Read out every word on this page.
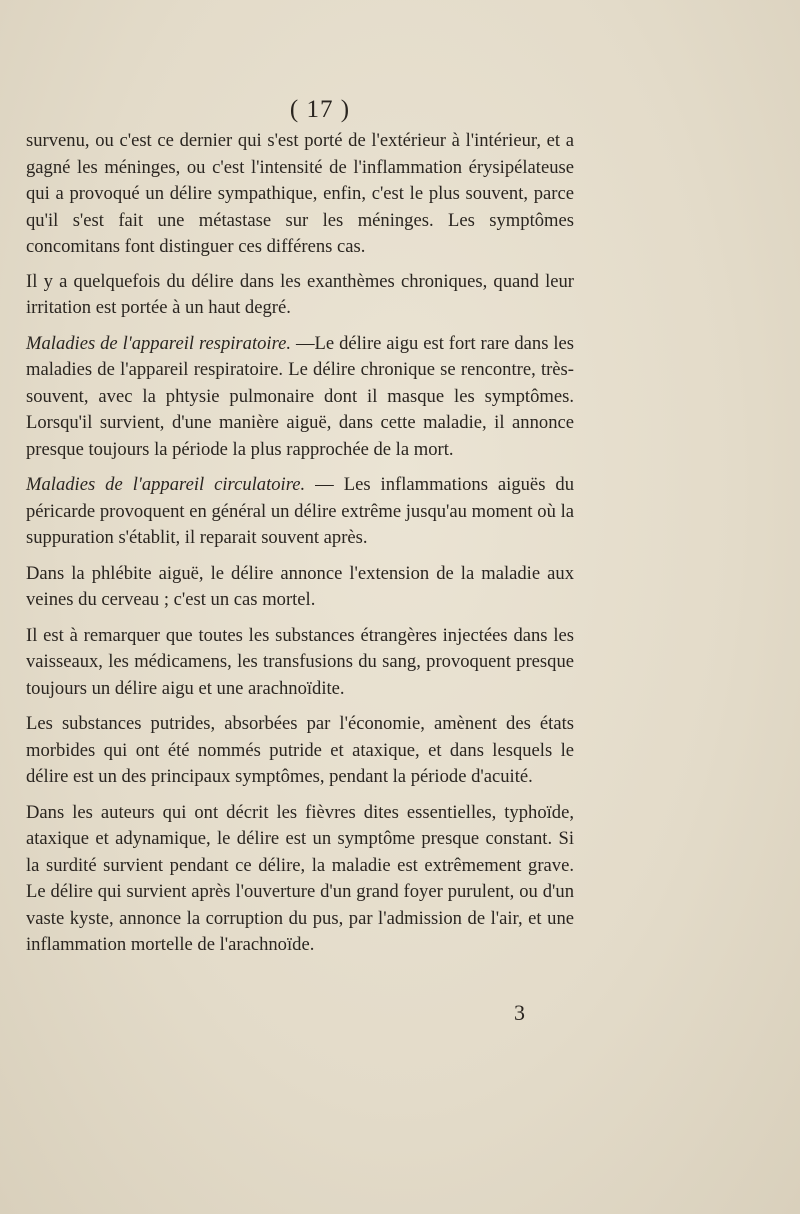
( 17 )

survenu, ou c'est ce dernier qui s'est porté de l'extérieur à l'intérieur, et a gagné les méninges, ou c'est l'intensité de l'inflammation érysipélateuse qui a provoqué un délire sympathique, enfin, c'est le plus souvent, parce qu'il s'est fait une métastase sur les méninges. Les symptômes concomitans font distinguer ces différens cas.

Il y a quelquefois du délire dans les exanthèmes chroniques, quand leur irritation est portée à un haut degré.

Maladies de l'appareil respiratoire. —Le délire aigu est fort rare dans les maladies de l'appareil respiratoire. Le délire chronique se rencontre, très-souvent, avec la phtysie pulmonaire dont il masque les symptômes. Lorsqu'il survient, d'une manière aiguë, dans cette maladie, il annonce presque toujours la période la plus rapprochée de la mort.

Maladies de l'appareil circulatoire. — Les inflammations aiguës du péricarde provoquent en général un délire extrême jusqu'au moment où la suppuration s'établit, il reparait souvent après.

Dans la phlébite aiguë, le délire annonce l'extension de la maladie aux veines du cerveau ; c'est un cas mortel.

Il est à remarquer que toutes les substances étrangères injectées dans les vaisseaux, les médicamens, les transfusions du sang, provoquent presque toujours un délire aigu et une arachnoïdite.

Les substances putrides, absorbées par l'économie, amènent des états morbides qui ont été nommés putride et ataxique, et dans lesquels le délire est un des principaux symptômes, pendant la période d'acuité.

Dans les auteurs qui ont décrit les fièvres dites essentielles, typhoïde, ataxique et adynamique, le délire est un symptôme presque constant. Si la surdité survient pendant ce délire, la maladie est extrêmement grave. Le délire qui survient après l'ouverture d'un grand foyer purulent, ou d'un vaste kyste, annonce la corruption du pus, par l'admission de l'air, et une inflammation mortelle de l'arachnoïde.

3
